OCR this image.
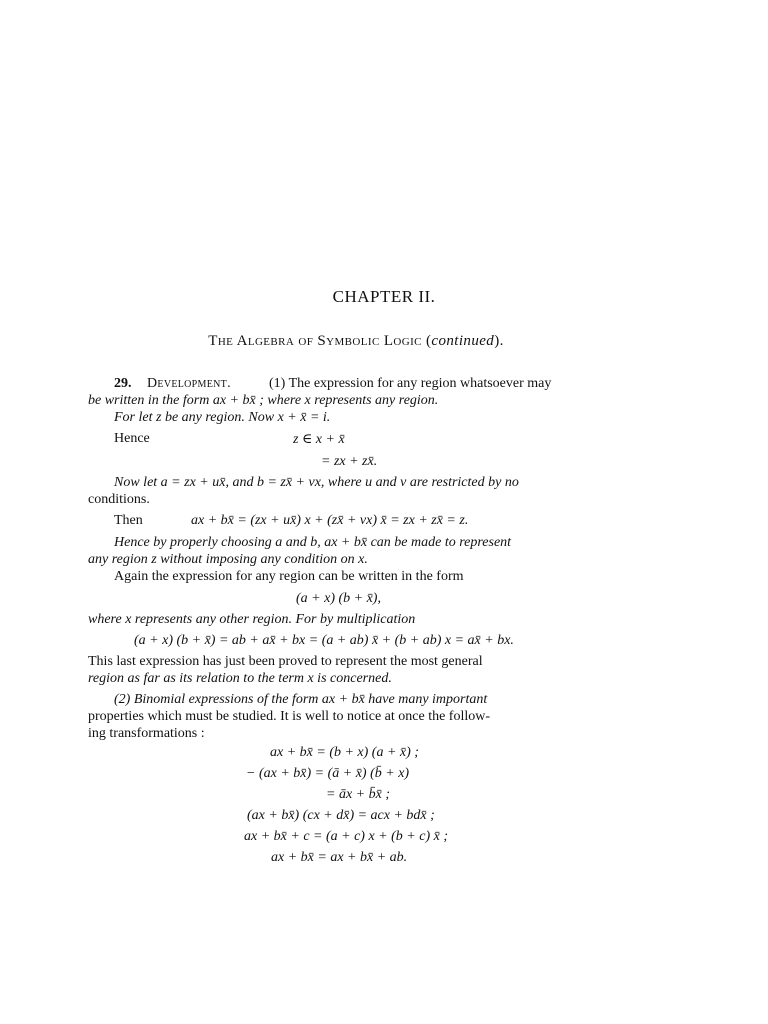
CHAPTER II.
The Algebra of Symbolic Logic (continued).
29. Development.	(1) The expression for any region whatsoever may
be written in the form ax + bx̄ ; where x represents any region.
For let z be any region. Now x + x̄ = i.
Hence	z ∈ x + x̄
= zx + zx̄.
Now let a = zx + ux̄, and b = zx̄ + vx, where u and v are restricted by no
conditions.
Then	ax + bx̄ = (zx + ux̄) x + (zx̄ + vx) x̄ = zx + zx̄ = z.
Hence by properly choosing a and b, ax + bx̄ can be made to represent
any region z without imposing any condition on x.
Again the expression for any region can be written in the form
(a + x) (b + x̄),
where x represents any other region. For by multiplication
(a + x) (b + x̄) = ab + ax̄ + bx = (a + ab) x̄ + (b + ab) x = ax̄ + bx.
This last expression has just been proved to represent the most general
region as far as its relation to the term x is concerned.
(2) Binomial expressions of the form ax + bx̄ have many important
properties which must be studied. It is well to notice at once the follow-
ing transformations :
ax + bx̄ = (b + x) (a + x̄) ;
− (ax + bx̄) = (ā + x̄) (b̄ + x)
= āx + b̄x̄ ;
(ax + bx̄) (cx + dx̄) = acx + bdx̄ ;
ax + bx̄ + c = (a + c) x + (b + c) x̄ ;
ax + bx̄ = ax + bx̄ + ab.
